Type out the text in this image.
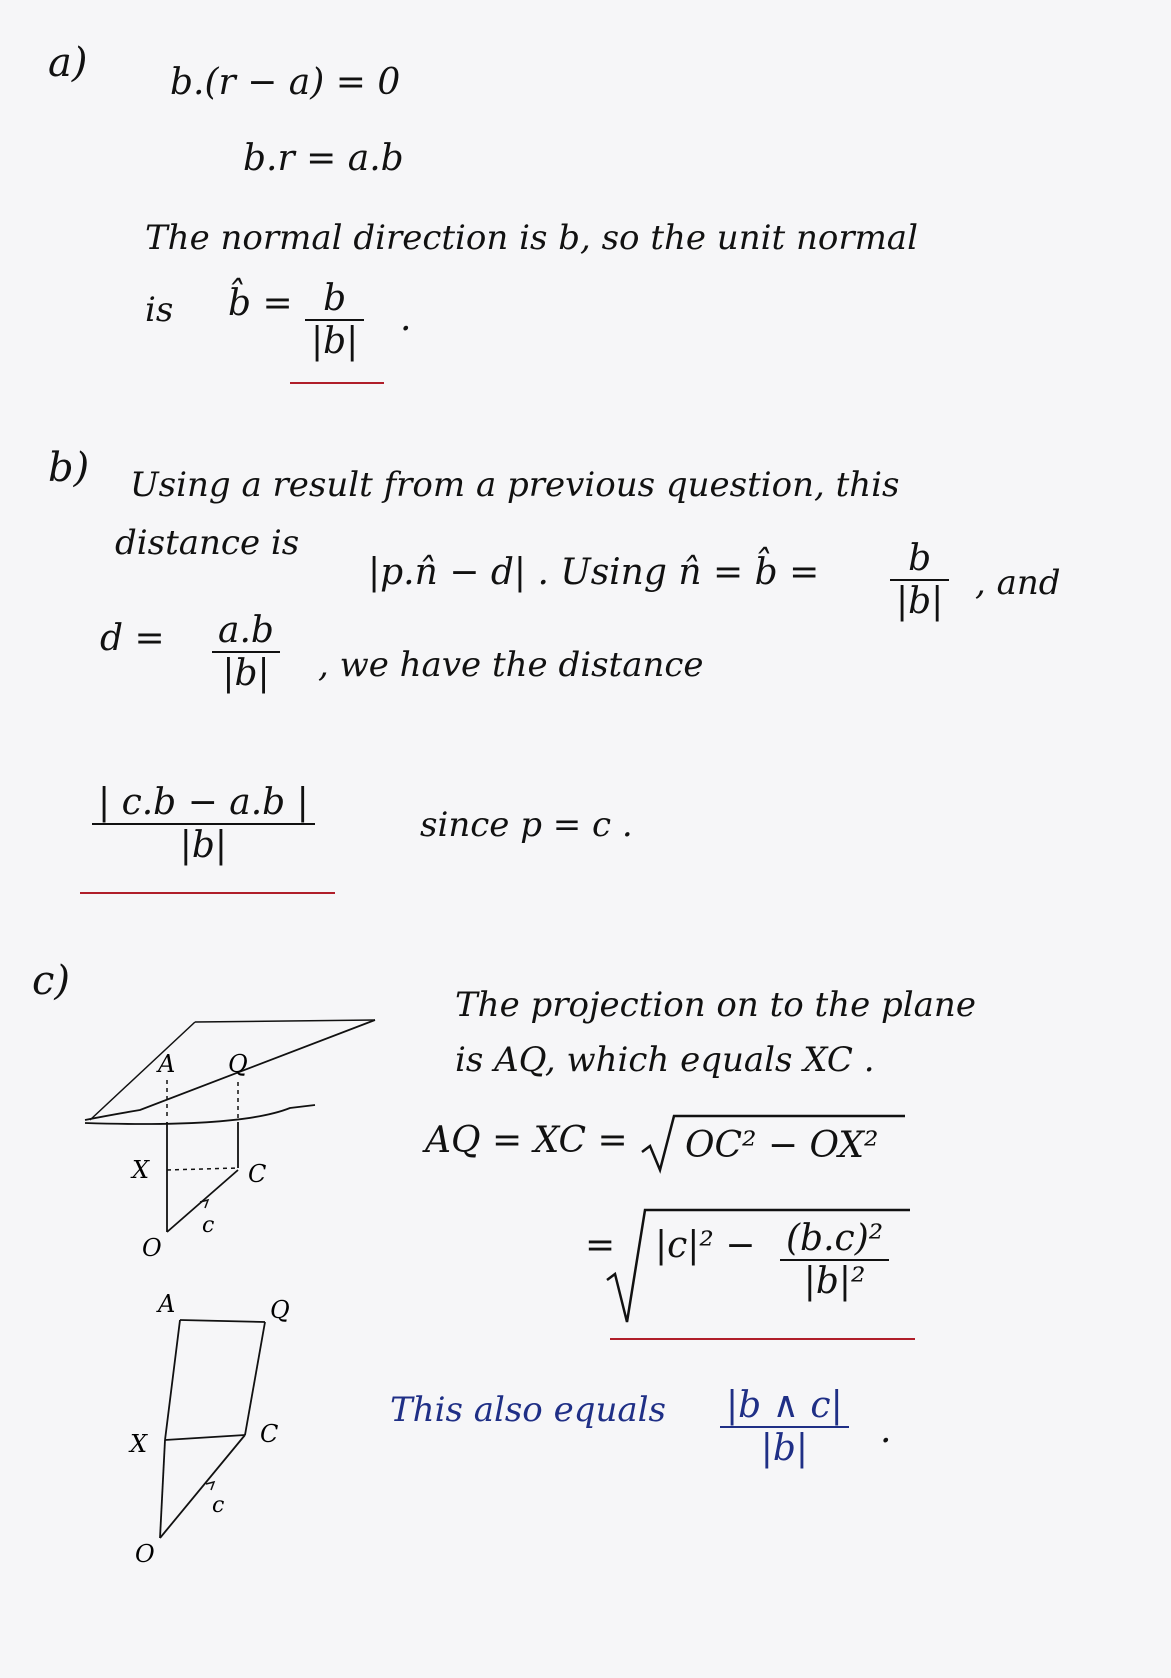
a) b.(r − a) = 0
b.r = a.b
The normal direction is b, so the unit normal
is b̂ = b
|b|
.
b) Using a result from a previous question, this
distance is
|p.n̂ − d| . Using n̂ = b̂ = b
|b| , and
d = a.b
|b| , we have the distance
| c.b − a.b |
|b|	since p = c .
c)
The projection on to the plane
is AQ, which equals XC .
AQ = XC = OC² − OX²
= |c|² − (b.c)²
|b|²
This also equals |b ∧ c|
|b| .
A Q
X	C
O
c
A	Q
X	C
O
c
